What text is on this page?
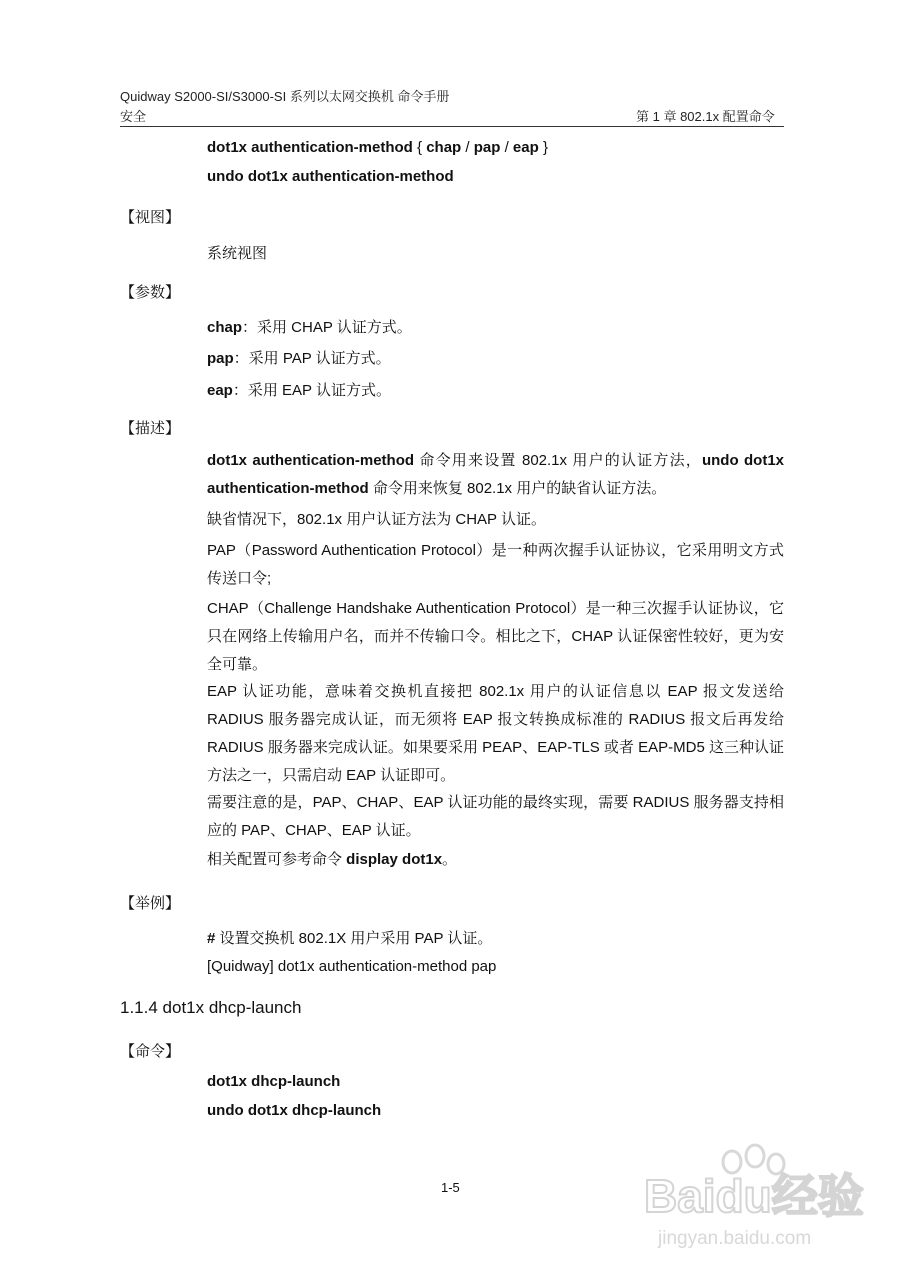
Quidway S2000-SI/S3000-SI 系列以太网交换机 命令手册
安全	第 1 章 802.1x 配置命令
dot1x authentication-method { chap / pap / eap }
undo dot1x authentication-method
【视图】
系统视图
【参数】
chap：采用 CHAP 认证方式。
pap：采用 PAP 认证方式。
eap：采用 EAP 认证方式。
【描述】
dot1x authentication-method 命令用来设置 802.1x 用户的认证方法，undo dot1x authentication-method 命令用来恢复 802.1x 用户的缺省认证方法。
缺省情况下，802.1x 用户认证方法为 CHAP 认证。
PAP（Password Authentication Protocol）是一种两次握手认证协议，它采用明文方式传送口令;
CHAP（Challenge Handshake Authentication Protocol）是一种三次握手认证协议，它只在网络上传输用户名，而并不传输口令。相比之下，CHAP 认证保密性较好，更为安全可靠。
EAP 认证功能，意味着交换机直接把 802.1x 用户的认证信息以 EAP 报文发送给 RADIUS 服务器完成认证，而无须将 EAP 报文转换成标准的 RADIUS 报文后再发给 RADIUS 服务器来完成认证。如果要采用 PEAP、EAP-TLS 或者 EAP-MD5 这三种认证方法之一，只需启动 EAP 认证即可。
需要注意的是，PAP、CHAP、EAP 认证功能的最终实现，需要 RADIUS 服务器支持相应的 PAP、CHAP、EAP 认证。
相关配置可参考命令 display dot1x。
【举例】
# 设置交换机 802.1X 用户采用 PAP 认证。
[Quidway] dot1x authentication-method pap
1.1.4 dot1x dhcp-launch
【命令】
dot1x dhcp-launch
undo dot1x dhcp-launch
1-5	Baidu经验
jingyan.baidu.com
